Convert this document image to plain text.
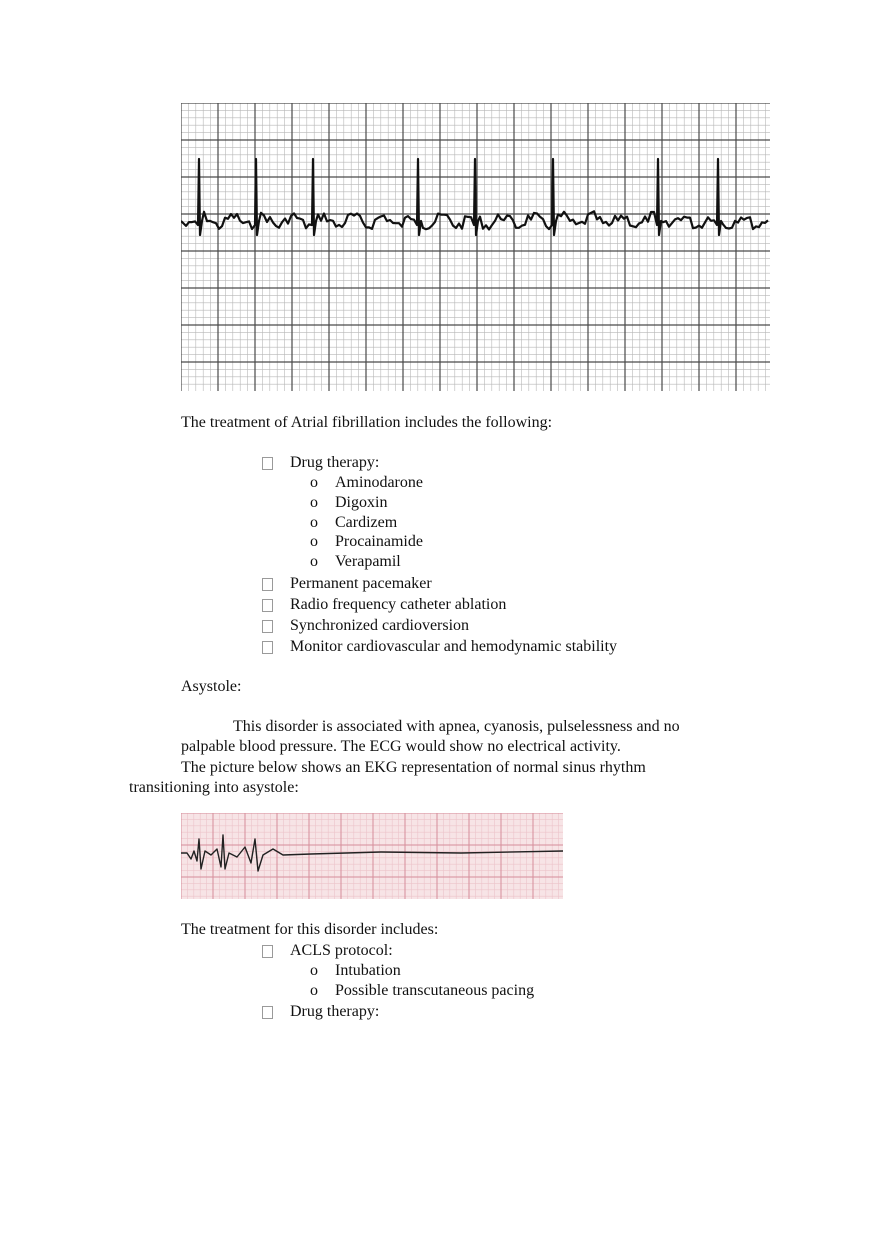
The treatment of Atrial fibrillation includes the following:
Drug therapy:
o Aminodarone
o Digoxin
o Cardizem
o Procainamide
o Verapamil
Permanent pacemaker
Radio frequency catheter ablation
Synchronized cardioversion
Monitor cardiovascular and hemodynamic stability
Asystole:
This disorder is associated with apnea, cyanosis, pulselessness and no
palpable blood pressure. The ECG would show no electrical activity.
The picture below shows an EKG representation of normal sinus rhythm
transitioning into asystole:
The treatment for this disorder includes:
ACLS protocol:
o Intubation
o Possible transcutaneous pacing
Drug therapy:
